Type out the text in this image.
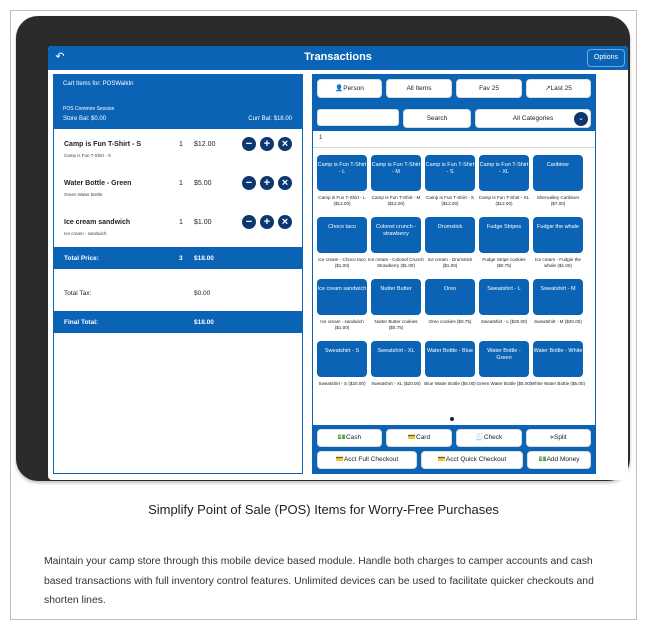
↶	Transactions	Options
Cart Items for: POSWalkIn
POS Common Session
Store Bal: $0.00	Curr Bal: $18.00
Camp is Fun T-Shirt - S
Camp is Fun T-Shirt - S
1 $12.00	−	+	×
Water Bottle - Green
Green Water Bottle
1 $5.00	−	+	×
Ice cream sandwich
Ice cream - sandwich
1 $1.00	−	+	×
Total Price:	3 $18.00
Total Tax:	$0.00
Final Total:	$18.00
👤Person	All Items	Fav 25	↗Last 25
Search	All Categories	⌄
1
Camp is Fun T-Shirt - L
Camp is Fun T-Shirt - L ($12.00)
Camp is Fun T-Shirt - M
Camp is Fun T-Shirt - M ($12.00)
Camp is Fun T-Shirt - S
Camp is Fun T-Shirt - S ($12.00)
Camp is Fun T-Shirt - XL
Camp is Fun T-Shirt - XL ($12.00)
Caribiner
Shenvalley Caribiner ($7.00)
Choco taco
Ice cream - Choco taco ($1.00)
Colonel crunch - strawberry
Ice cream - Colonel Crunch Strawberry ($1.00)
Drumstick
Ice cream - Drumstick ($1.00)
Fudge Stripes
Fudge Stripe cookies ($0.75)
Fudgie the whale
Ice cream - Fudgie the whale ($1.00)
Ice cream sandwich
Ice cream - sandwich ($1.00)
Nutter Butter
Nutter Butter cookies ($0.75)
Oreo
Oreo cookies ($0.75)
Sweatshirt - L
Sweatshirt - L ($20.00)
Sweatshirt - M
Sweatshirt - M ($20.00)
Sweatshirt - S
Sweatshirt - S ($20.00)
Sweatshirt - XL
Sweatshirt - XL ($20.00)
Water Bottle - Blue
Blue Water Bottle ($5.00)
Water Bottle - Green
Green Water Bottle ($5.00)
Water Bottle - White
White Water Bottle ($5.00)
💵Cash	💳Card	🧾Check	⫸Split
💳Acct Full Checkout	💳Acct Quick Checkout	💵Add Money
Simplify Point of Sale (POS) Items for Worry-Free Purchases
Maintain your camp store through this mobile device based module. Handle both charges to camper accounts and cash based transactions with full inventory control features. Unlimited devices can be used to facilitate quicker checkouts and shorten lines.
